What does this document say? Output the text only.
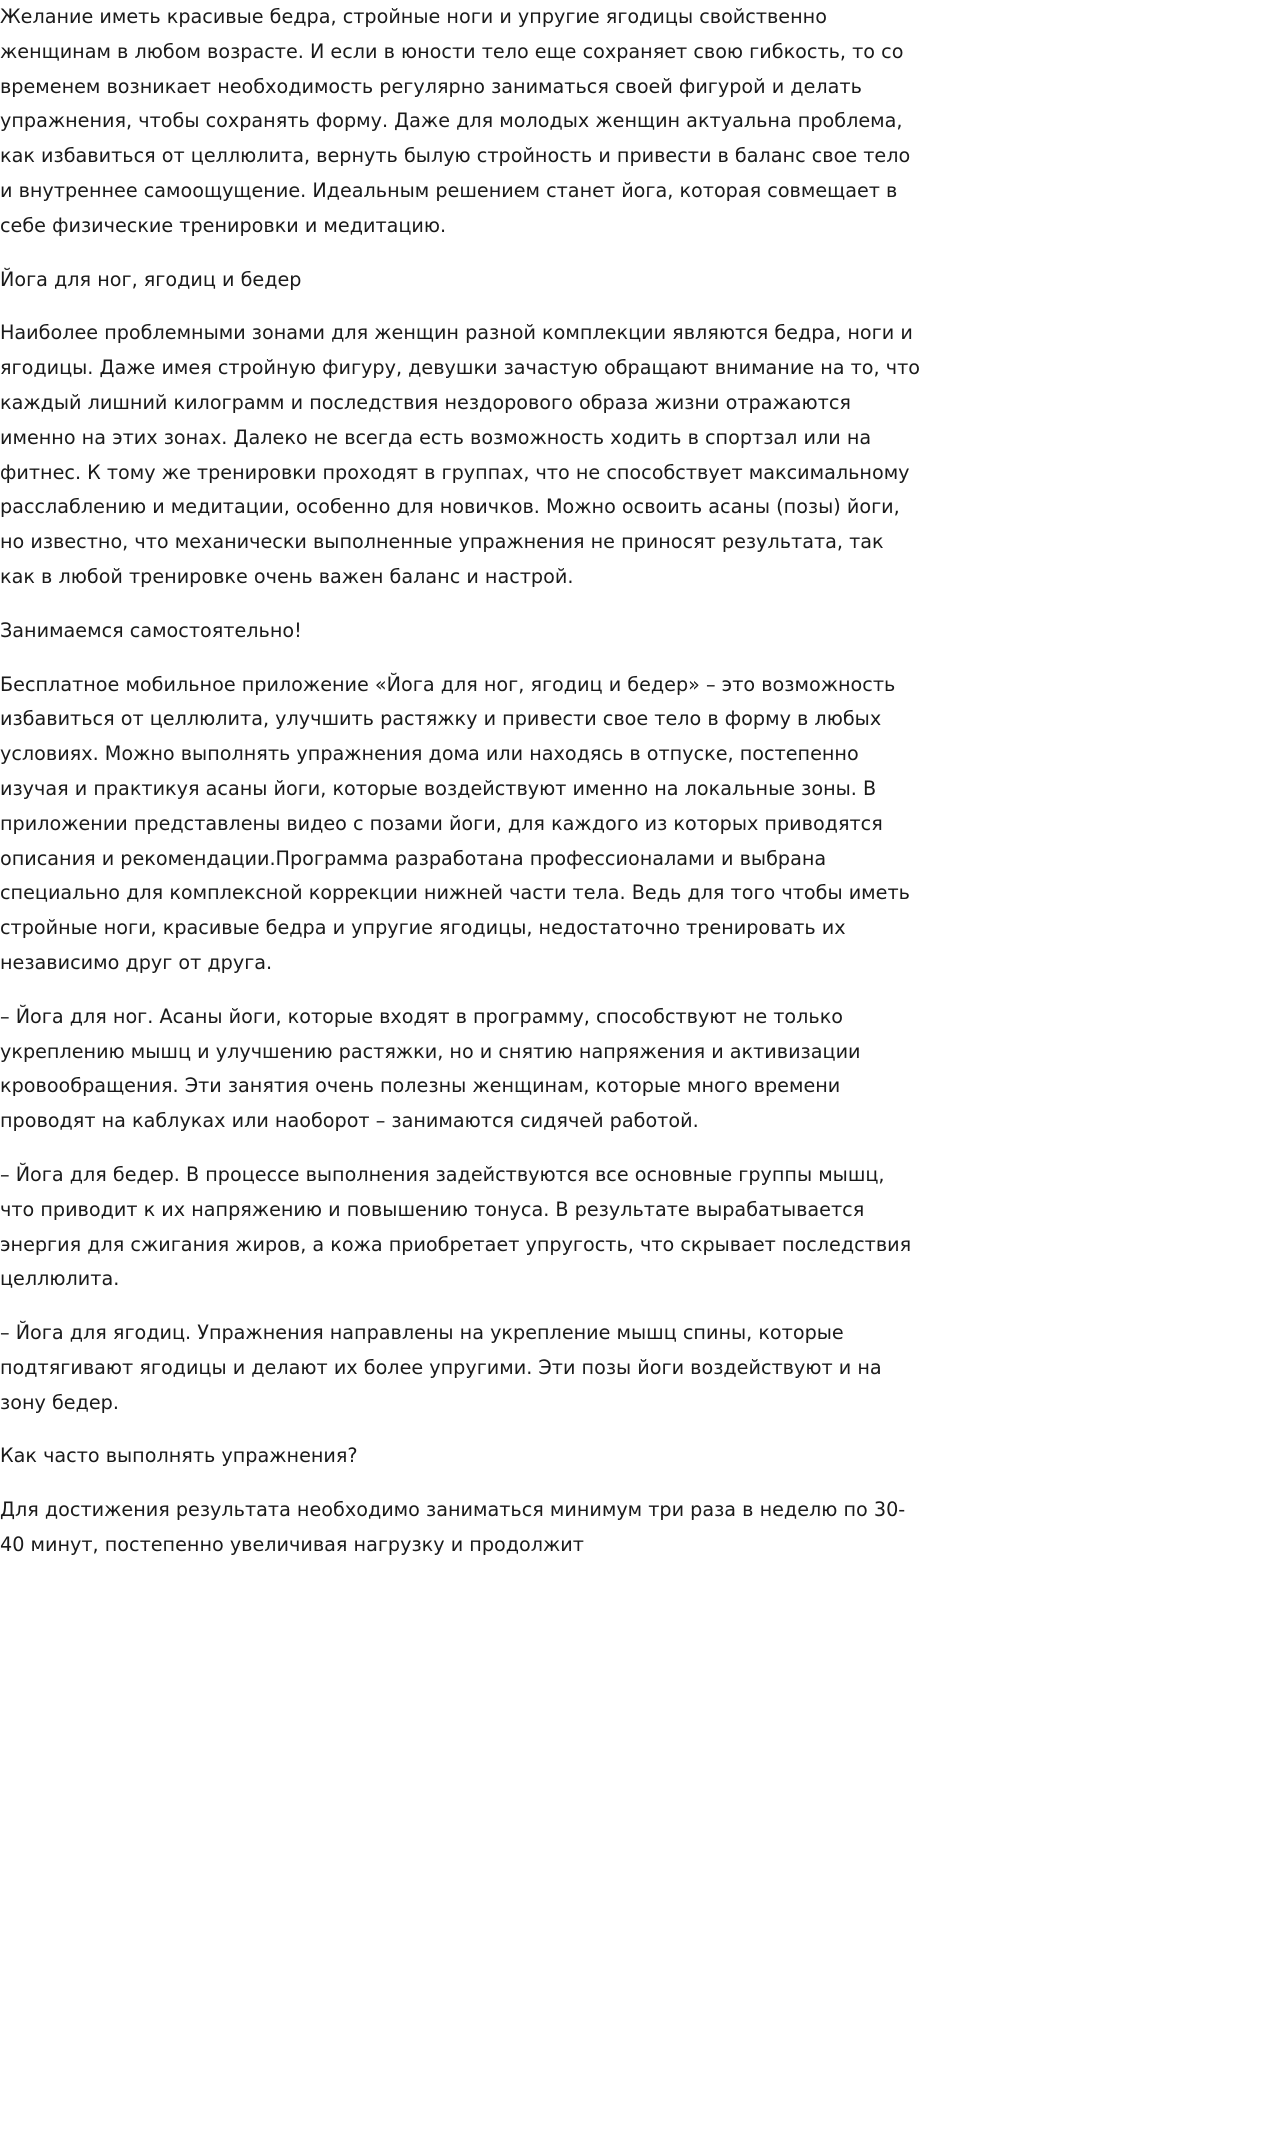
Желание иметь красивые бедра, стройные ноги и упругие ягодицы свойственно женщинам в любом возрасте. И если в юности тело еще сохраняет свою гибкость, то со временем возникает необходимость регулярно заниматься своей фигурой и делать упражнения, чтобы сохранять форму. Даже для молодых женщин актуальна проблема, как избавиться от целлюлита, вернуть былую стройность и привести в баланс свое тело и внутреннее самоощущение. Идеальным решением станет йога, которая совмещает в себе физические тренировки и медитацию.

Йога для ног, ягодиц и бедер

Наиболее проблемными зонами для женщин разной комплекции являются бедра, ноги и ягодицы. Даже имея стройную фигуру, девушки зачастую обращают внимание на то, что каждый лишний килограмм и последствия нездорового образа жизни отражаются именно на этих зонах. Далеко не всегда есть возможность ходить в спортзал или на фитнес. К тому же тренировки проходят в группах, что не способствует максимальному расслаблению и медитации, особенно для новичков. Можно освоить асаны (позы) йоги, но известно, что механически выполненные упражнения не приносят результата, так как в любой тренировке очень важен баланс и настрой.

Занимаемся самостоятельно!

Бесплатное мобильное приложение «Йога для ног, ягодиц и бедер» – это возможность избавиться от целлюлита, улучшить растяжку и привести свое тело в форму в любых условиях. Можно выполнять упражнения дома или находясь в отпуске, постепенно изучая и практикуя асаны йоги, которые воздействуют именно на локальные зоны. В приложении представлены видео с позами йоги, для каждого из которых приводятся описания и рекомендации.Программа разработана профессионалами и выбрана специально для комплексной коррекции нижней части тела. Ведь для того чтобы иметь стройные ноги, красивые бедра и упругие ягодицы, недостаточно тренировать их независимо друг от друга.

– Йога для ног. Асаны йоги, которые входят в программу, способствуют не только укреплению мышц и улучшению растяжки, но и снятию напряжения и активизации кровообращения. Эти занятия очень полезны женщинам, которые много времени проводят на каблуках или наоборот – занимаются сидячей работой.

– Йога для бедер. В процессе выполнения задействуются все основные группы мышц, что приводит к их напряжению и повышению тонуса. В результате вырабатывается энергия для сжигания жиров, а кожа приобретает упругость, что скрывает последствия целлюлита.

– Йога для ягодиц. Упражнения направлены на укрепление мышц спины, которые подтягивают ягодицы и делают их более упругими. Эти позы йоги воздействуют и на зону бедер.

Как часто выполнять упражнения?

Для достижения результата необходимо заниматься минимум три раза в неделю по 30-40 минут, постепенно увеличивая нагрузку и продолжит
